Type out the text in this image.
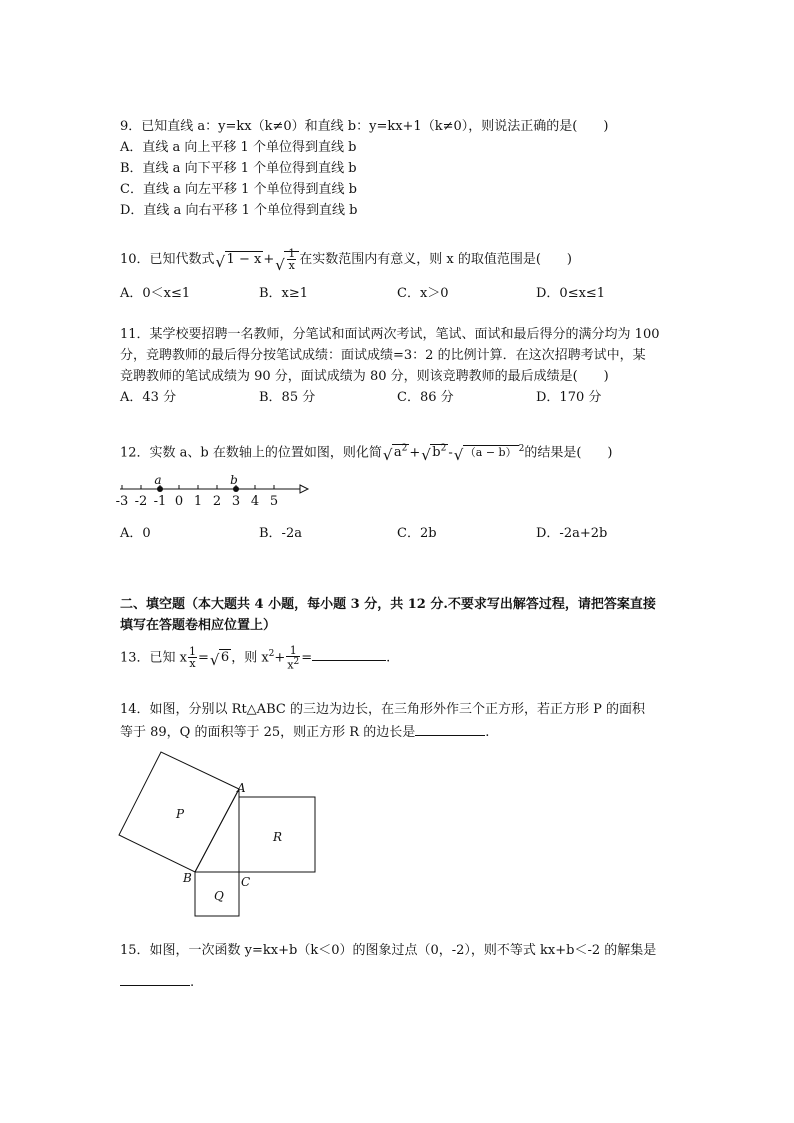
9．已知直线 a：y=kx（k≠0）和直线 b：y=kx+1（k≠0），则说法正确的是(　　)
A．直线 a 向上平移 1 个单位得到直线 b
B．直线 a 向下平移 1 个单位得到直线 b
C．直线 a 向左平移 1 个单位得到直线 b
D．直线 a 向右平移 1 个单位得到直线 b
10．已知代数式 √ 1 − x + √ $\frac{1}{x}$ 在实数范围内有意义，则 x 的取值范围是(　　)
A．0＜x≤1	B．x≥1	C．x＞0	D．0≤x≤1
11．某学校要招聘一名教师，分笔试和面试两次考试，笔试、面试和最后得分的满分均为 100
分，竞聘教师的最后得分按笔试成绩：面试成绩=3：2 的比例计算．在这次招聘考试中，某
竞聘教师的笔试成绩为 90 分，面试成绩为 80 分，则该竞聘教师的最后成绩是(　　)
A．43 分	B．85 分	C．86 分	D．170 分
12．实数 a、b 在数轴上的位置如图，则化简 √ $a^2$ + √ $b^2$ - √ （a − b） $^2$的结果是(　　)
-3 -2 -1 0 1 2 3 4 5
a	b
A．0	B．-2a	C．2b	D．-2a+2b
二、填空题（本大题共 4 小题，每小题 3 分，共 12 分.不要求写出解答过程，请把答案直接
填写在答题卷相应位置上）
13．已知 x $\frac{1}{x}$ = √ 6 ，则 $x^2+ \frac{1}{x^2}$ =	.
14．如图，分别以 Rt△ABC 的三边为边长，在三角形外作三个正方形，若正方形 P 的面积
等于 89，Q 的面积等于 25，则正方形 R 的边长是	.
A
B	C
P
R
Q
15．如图，一次函数 y=kx+b（k＜0）的图象过点（0，-2），则不等式 kx+b＜-2 的解集是
.
